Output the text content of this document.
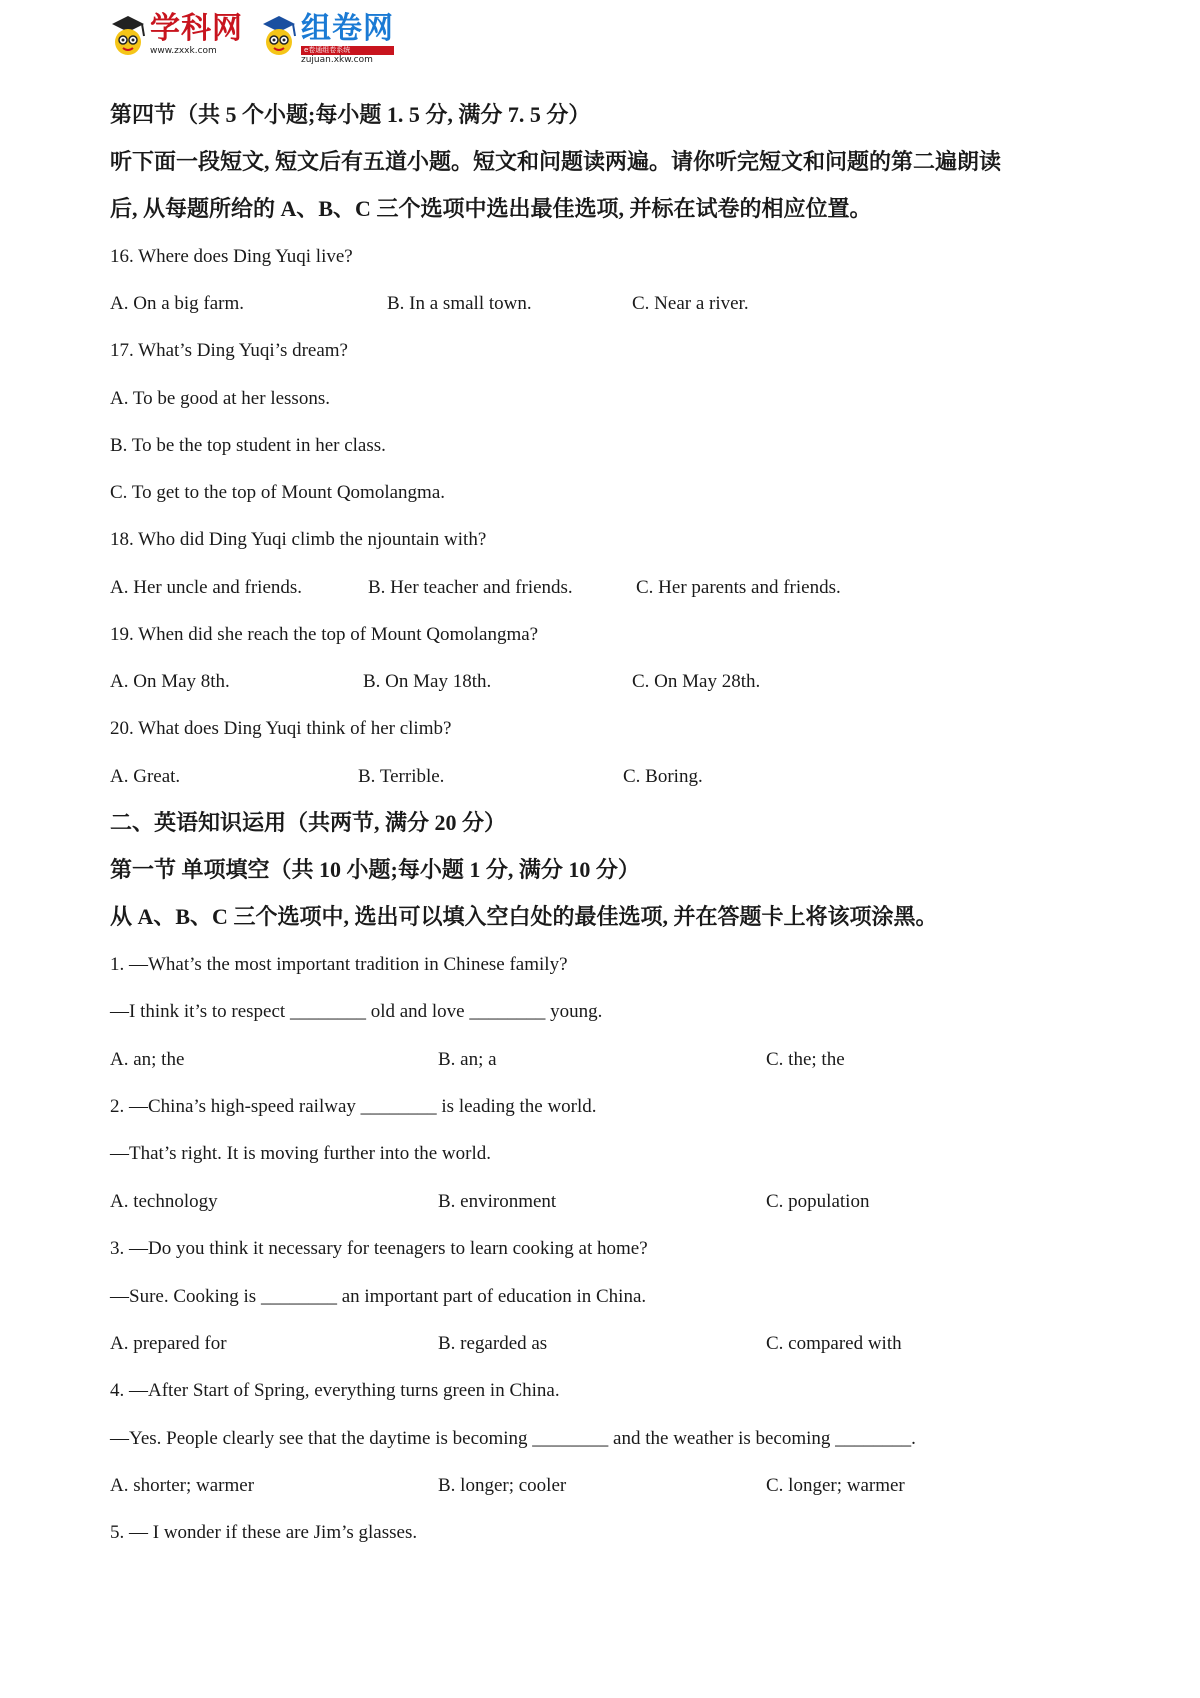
学科网
www.zxxk.com
组卷网
e卷通组卷系统
zujuan.xkw.com
第四节（共 5 个小题;每小题 1. 5 分, 满分 7. 5 分）
听下面一段短文, 短文后有五道小题。短文和问题读两遍。请你听完短文和问题的第二遍朗读
后, 从每题所给的 A、B、C 三个选项中选出最佳选项, 并标在试卷的相应位置。
16. Where does Ding Yuqi live?
A. On a big farm.	B. In a small town.	C. Near a river.
17. What’s Ding Yuqi’s dream?
A. To be good at her lessons.
B. To be the top student in her class.
C. To get to the top of Mount Qomolangma.
18. Who did Ding Yuqi climb the njountain with?
A. Her uncle and friends.	B. Her teacher and friends.	C. Her parents and friends.
19. When did she reach the top of Mount Qomolangma?
A. On May 8th.	B. On May 18th.	C. On May 28th.
20. What does Ding Yuqi think of her climb?
A. Great.	B. Terrible.	C. Boring.
二、英语知识运用（共两节, 满分 20 分）
第一节 单项填空（共 10 小题;每小题 1 分, 满分 10 分）
从 A、B、C 三个选项中, 选出可以填入空白处的最佳选项, 并在答题卡上将该项涂黑。
1. —What’s the most important tradition in Chinese family?
—I think it’s to respect ________ old and love ________ young.
A. an; the	B. an; a	C. the; the
2. —China’s high-speed railway ________ is leading the world.
—That’s right. It is moving further into the world.
A. technology	B. environment	C. population
3. —Do you think it necessary for teenagers to learn cooking at home?
—Sure. Cooking is ________ an important part of education in China.
A. prepared for	B. regarded as	C. compared with
4. —After Start of Spring, everything turns green in China.
—Yes. People clearly see that the daytime is becoming ________ and the weather is becoming ________.
A. shorter; warmer	B. longer; cooler	C. longer; warmer
5. — I wonder if these are Jim’s glasses.
